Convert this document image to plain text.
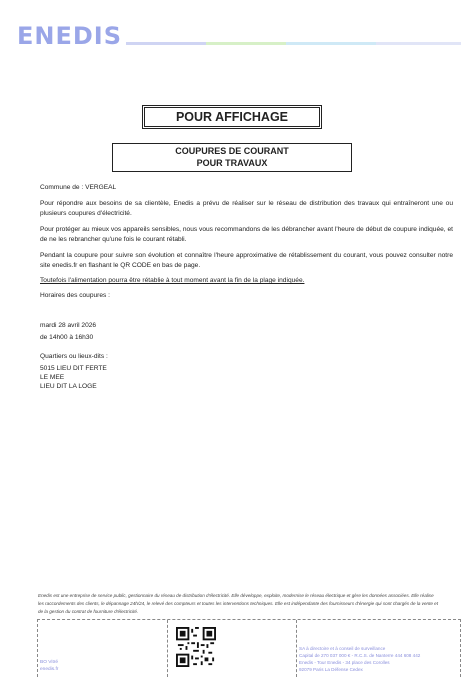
ENEDIS
POUR AFFICHAGE
COUPURES DE COURANT
POUR TRAVAUX
Commune de : VERGEAL
Pour répondre aux besoins de sa clientèle, Enedis a prévu de réaliser sur le réseau de distribution des travaux qui entraîneront une ou plusieurs coupures d'électricité.
Pour protéger au mieux vos appareils sensibles, nous vous recommandons de les débrancher avant l'heure de début de coupure indiquée, et de ne les rebrancher qu'une fois le courant rétabli.
Pendant la coupure pour suivre son évolution et connaître l'heure approximative de rétablissement du courant, vous pouvez consulter notre site enedis.fr en flashant le QR CODE en bas de page.
Toutefois l'alimentation pourra être rétablie à tout moment avant la fin de la plage indiquée.
Horaires des coupures :
mardi 28 avril 2026
de 14h00 à 16h30
Quartiers ou lieux-dits :
5015 LIEU DIT FERTE
LE MEE
LIEU DIT LA LOGE
Enedis est une entreprise de service public, gestionnaire du réseau de distribution d'électricité. Elle développe, exploite, modernise le réseau électrique et gère les données associées. Elle réalise les raccordements des clients, le dépannage 24h/24, le relevé des compteurs et toutes les interventions techniques. Elle est indépendante des fournisseurs d'énergie qui sont chargés de la vente et de la gestion du contrat de fourniture d'électricité.
BO Vitré
enedis.fr
SA à directoire et à conseil de surveillance
Capital de 270 037 000 € - R.C.S. de Nanterre 444 608 442
Enedis - Tour Enedis - 34 place des Corolles
92079 Paris La Défense Cedex
